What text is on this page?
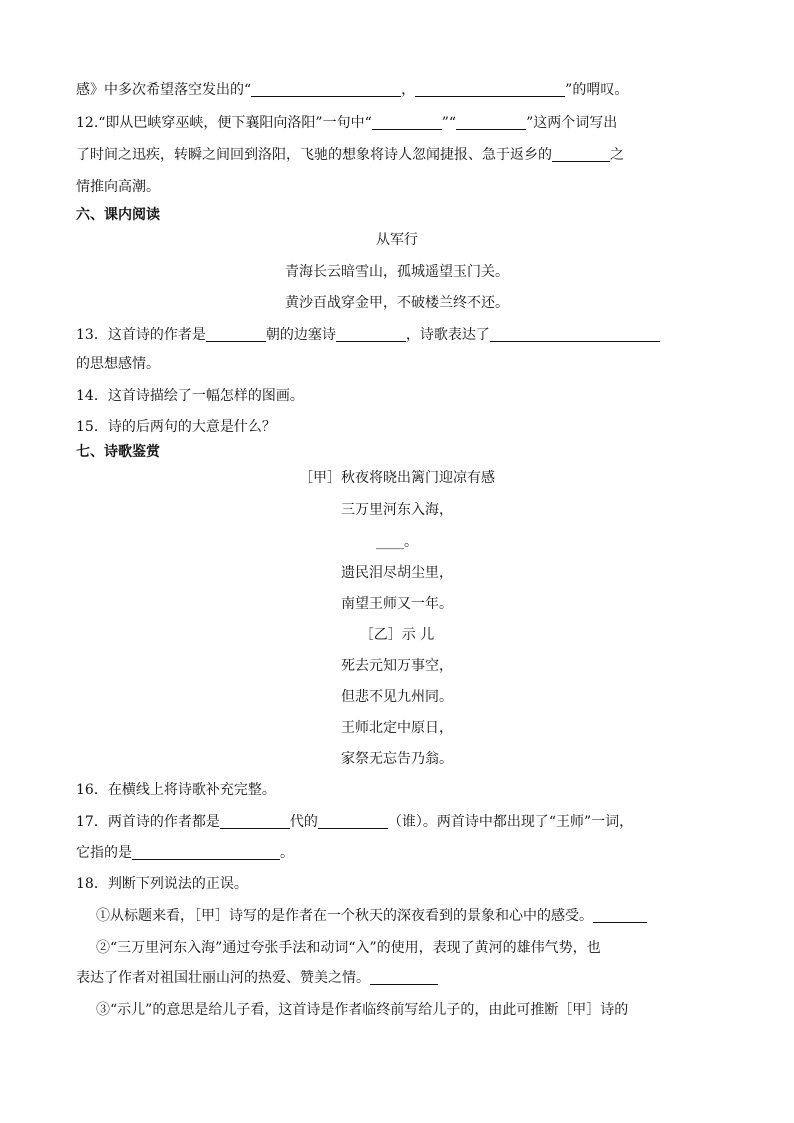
感》中多次希望落空发出的“	，	”的喟叹。
12.“即从巴峡穿巫峡，便下襄阳向洛阳”一句中“	”“	”这两个词写出
了时间之迅疾，转瞬之间回到洛阳，飞驰的想象将诗人忽闻捷报、急于返乡的	之
情推向高潮。
六、课内阅读
从军行
青海长云暗雪山，孤城遥望玉门关。
黄沙百战穿金甲，不破楼兰终不还。
13．这首诗的作者是	朝的边塞诗	，诗歌表达了
的思想感情。
14．这首诗描绘了一幅怎样的图画。
15．诗的后两句的大意是什么？
七、诗歌鉴赏
［甲］秋夜将晓出篱门迎凉有感
三万里河东入海，
____。
遗民泪尽胡尘里，
南望王师又一年。
［乙］示 儿
死去元知万事空，
但悲不见九州同。
王师北定中原日，
家祭无忘告乃翁。
16．在横线上将诗歌补充完整。
17．两首诗的作者都是	代的	（谁）。两首诗中都出现了“王师”一词，
它指的是	。
18．判断下列说法的正误。
①从标题来看，［甲］诗写的是作者在一个秋天的深夜看到的景象和心中的感受。
②“三万里河东入海”通过夸张手法和动词“入”的使用，表现了黄河的雄伟气势，也
表达了作者对祖国壮丽山河的热爱、赞美之情。
③“示儿”的意思是给儿子看，这首诗是作者临终前写给儿子的，由此可推断［甲］诗的
